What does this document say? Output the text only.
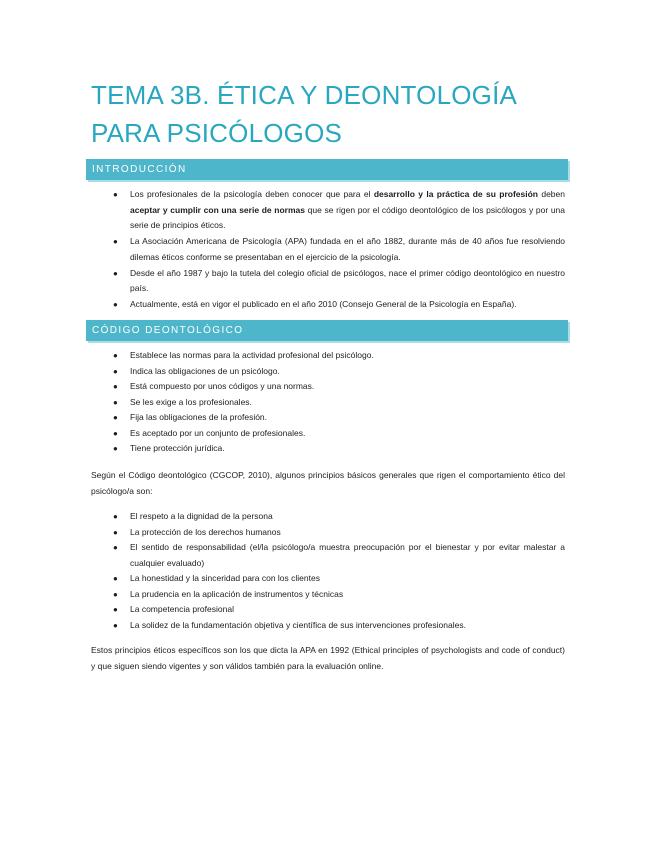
TEMA 3B. ÉTICA Y DEONTOLOGÍA PARA PSICÓLOGOS
INTRODUCCIÓN
● Los profesionales de la psicología deben conocer que para el desarrollo y la práctica de su profesión deben aceptar y cumplir con una serie de normas que se rigen por el código deontológico de los psicólogos y por una serie de principios éticos.
● La Asociación Americana de Psicología (APA) fundada en el año 1882, durante más de 40 años fue resolviendo dilemas éticos conforme se presentaban en el ejercicio de la psicología.
● Desde el año 1987 y bajo la tutela del colegio oficial de psicólogos, nace el primer código deontológico en nuestro país.
● Actualmente, está en vigor el publicado en el año 2010 (Consejo General de la Psicología en España).
CÓDIGO DEONTOLÓGICO
● Establece las normas para la actividad profesional del psicólogo.
● Indica las obligaciones de un psicólogo.
● Está compuesto por unos códigos y una normas.
● Se les exige a los profesionales.
● Fija las obligaciones de la profesión.
● Es aceptado por un conjunto de profesionales.
● Tiene protección jurídica.

Según el Código deontológico (CGCOP, 2010), algunos principios básicos generales que rigen el comportamiento ético del psicólogo/a son:

● El respeto a la dignidad de la persona
● La protección de los derechos humanos
● El sentido de responsabilidad (el/la psicólogo/a muestra preocupación por el bienestar y por evitar malestar a cualquier evaluado)
● La honestidad y la sinceridad para con los clientes
● La prudencia en la aplicación de instrumentos y técnicas
● La competencia profesional
● La solidez de la fundamentación objetiva y científica de sus intervenciones profesionales.

Estos principios éticos específicos son los que dicta la APA en 1992 (Ethical principles of psychologists and code of conduct) y que siguen siendo vigentes y son válidos también para la evaluación online.
